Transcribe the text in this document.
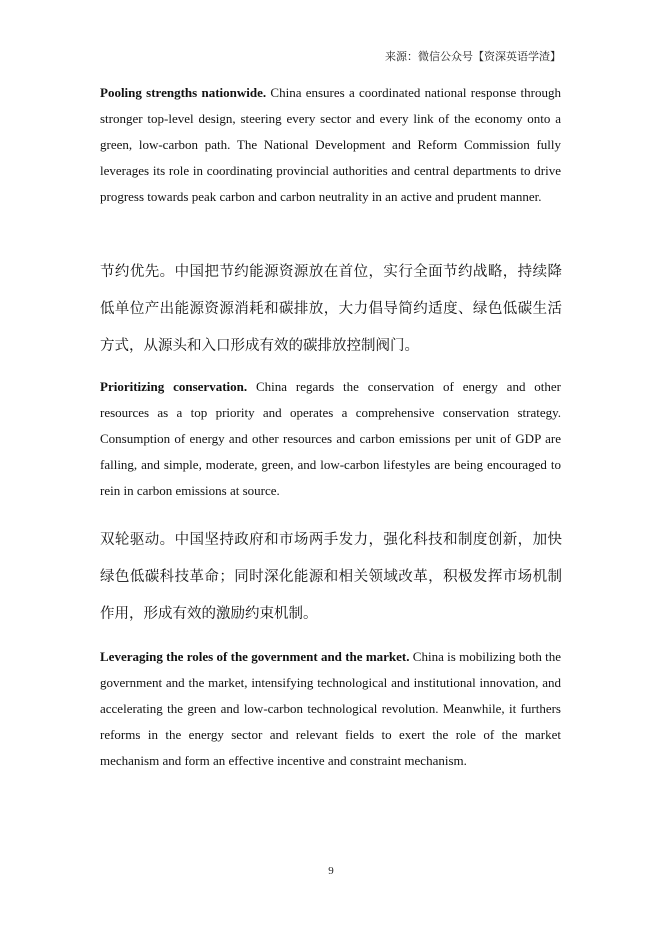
来源：微信公众号【资深英语学渣】

Pooling strengths nationwide. China ensures a coordinated national response through stronger top-level design, steering every sector and every link of the economy onto a green, low-carbon path. The National Development and Reform Commission fully leverages its role in coordinating provincial authorities and central departments to drive progress towards peak carbon and carbon neutrality in an active and prudent manner.

节约优先。中国把节约能源资源放在首位，实行全面节约战略，持续降低单位产出能源资源消耗和碳排放，大力倡导简约适度、绿色低碳生活方式，从源头和入口形成有效的碳排放控制阀门。

Prioritizing conservation. China regards the conservation of energy and other resources as a top priority and operates a comprehensive conservation strategy. Consumption of energy and other resources and carbon emissions per unit of GDP are falling, and simple, moderate, green, and low-carbon lifestyles are being encouraged to rein in carbon emissions at source.

双轮驱动。中国坚持政府和市场两手发力，强化科技和制度创新，加快绿色低碳科技革命；同时深化能源和相关领域改革，积极发挥市场机制作用，形成有效的激励约束机制。

Leveraging the roles of the government and the market. China is mobilizing both the government and the market, intensifying technological and institutional innovation, and accelerating the green and low-carbon technological revolution. Meanwhile, it furthers reforms in the energy sector and relevant fields to exert the role of the market mechanism and form an effective incentive and constraint mechanism.

9
